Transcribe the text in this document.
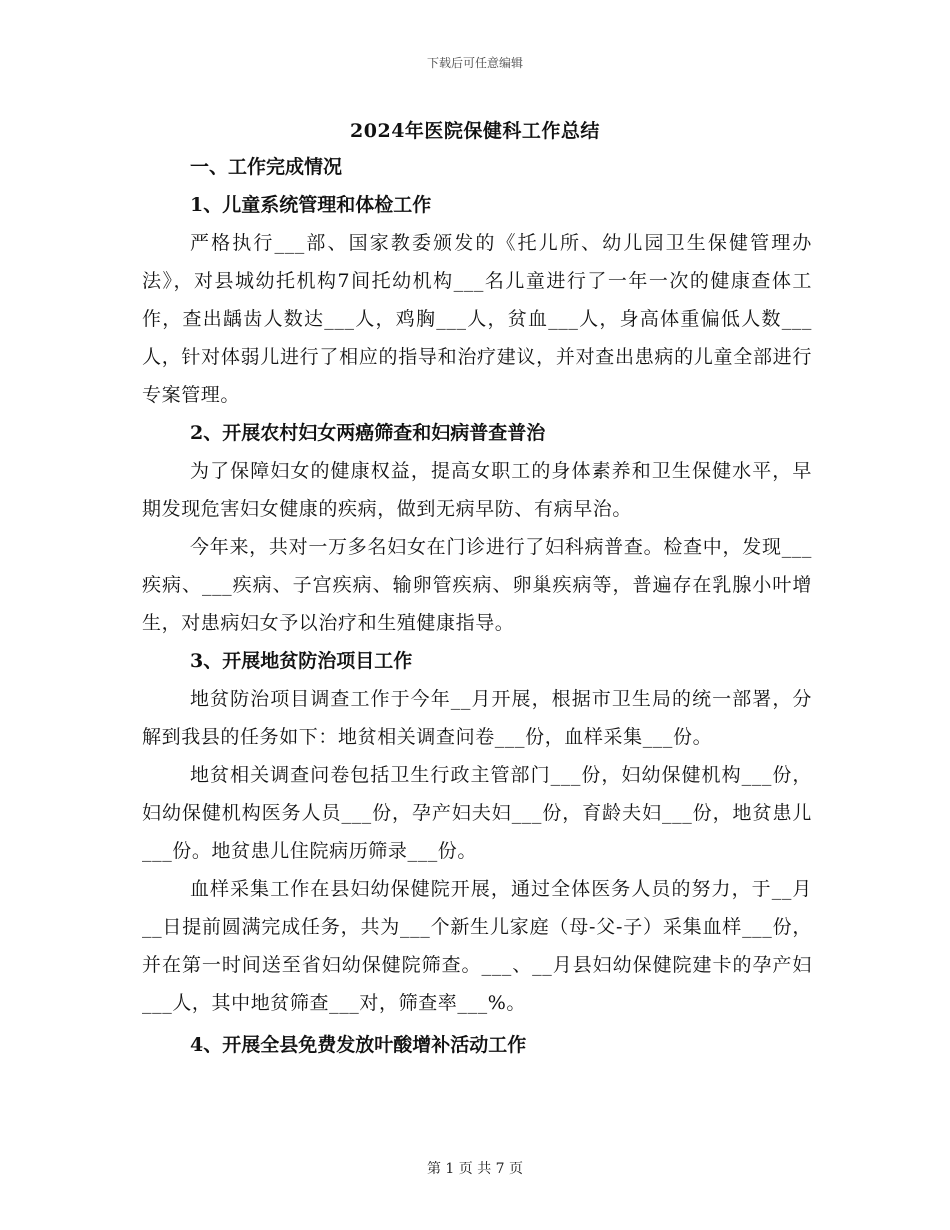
下载后可任意编辑
2024年医院保健科工作总结

一、工作完成情况

1、儿童系统管理和体检工作

严格执行___部、国家教委颁发的《托儿所、幼儿园卫生保健管理办法》，对县城幼托机构7间托幼机构___名儿童进行了一年一次的健康查体工作，查出龋齿人数达___人，鸡胸___人，贫血___人，身高体重偏低人数___人，针对体弱儿进行了相应的指导和治疗建议，并对查出患病的儿童全部进行专案管理。

2、开展农村妇女两癌筛查和妇病普查普治

为了保障妇女的健康权益，提高女职工的身体素养和卫生保健水平，早期发现危害妇女健康的疾病，做到无病早防、有病早治。

今年来，共对一万多名妇女在门诊进行了妇科病普查。检查中，发现___疾病、___疾病、子宫疾病、输卵管疾病、卵巢疾病等，普遍存在乳腺小叶增生，对患病妇女予以治疗和生殖健康指导。

3、开展地贫防治项目工作

地贫防治项目调查工作于今年__月开展，根据市卫生局的统一部署，分解到我县的任务如下：地贫相关调查问卷___份，血样采集___份。

地贫相关调查问卷包括卫生行政主管部门___份，妇幼保健机构___份，妇幼保健机构医务人员___份，孕产妇夫妇___份，育龄夫妇___份，地贫患儿___份。地贫患儿住院病历筛录___份。

血样采集工作在县妇幼保健院开展，通过全体医务人员的努力，于__月__日提前圆满完成任务，共为___个新生儿家庭（母-父-子）采集血样___份，并在第一时间送至省妇幼保健院筛查。___、__月县妇幼保健院建卡的孕产妇___人，其中地贫筛查___对，筛查率___%。

4、开展全县免费发放叶酸增补活动工作

第 1 页 共 7 页
